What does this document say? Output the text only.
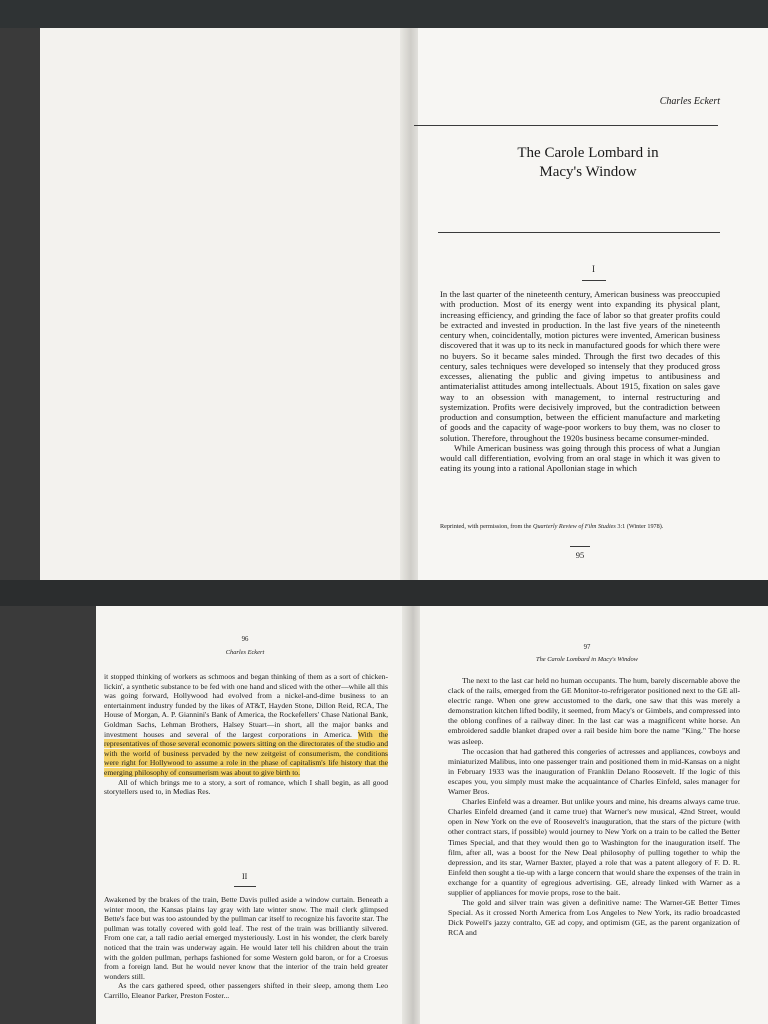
Charles Eckert
The Carole Lombard in
Macy's Window
I

In the last quarter of the nineteenth century, American business was preoccupied with production. Most of its energy went into expanding its physical plant, increasing efficiency, and grinding the face of labor so that greater profits could be extracted and invested in production. In the last five years of the nineteenth century when, coincidentally, motion pictures were invented, American business discovered that it was up to its neck in manufactured goods for which there were no buyers. So it became sales minded. Through the first two decades of this century, sales techniques were developed so intensely that they produced gross excesses, alienating the public and giving impetus to antibusiness and antimaterialist attitudes among intellectuals. About 1915, fixation on sales gave way to an obsession with management, to internal restructuring and systemization. Profits were decisively improved, but the contradiction between production and consumption, between the efficient manufacture and marketing of goods and the capacity of wage-poor workers to buy them, was no closer to solution. Therefore, throughout the 1920s business became consumer-minded.

While American business was going through this process of what a Jungian would call differentiation, evolving from an oral stage in which it was given to eating its young into a rational Apollonian stage in which

Reprinted, with permission, from the Quarterly Review of Film Studies 3:1 (Winter 1978).
95
96
Charles Eckert

it stopped thinking of workers as schmoos and began thinking of them as a sort of chicken-lickin', a synthetic substance to be fed with one hand and sliced with the other—while all this was going forward, Hollywood had evolved from a nickel-and-dime business to an entertainment industry funded by the likes of AT&T, Hayden Stone, Dillon Reid, RCA, The House of Morgan, A. P. Giannini's Bank of America, the Rockefellers' Chase National Bank, Goldman Sachs, Lehman Brothers, Halsey Stuart—in short, all the major banks and investment houses and several of the largest corporations in America. With the representatives of those several economic powers sitting on the directorates of the studio and with the world of business pervaded by the new zeitgeist of consumerism, the conditions were right for Hollywood to assume a role in the phase of capitalism's life history that the emerging philosophy of consumerism was about to give birth to.

All of which brings me to a story, a sort of romance, which I shall begin, as all good storytellers used to, in Medias Res.

II

Awakened by the brakes of the train, Bette Davis pulled aside a window curtain. Beneath a winter moon, the Kansas plains lay gray with late winter snow. The mail clerk glimpsed Bette's face but was too astounded by the pullman car itself to recognize his favorite star. The pullman was totally covered with gold leaf. The rest of the train was brilliantly silvered. From one car, a tall radio aerial emerged mysteriously. Lost in his wonder, the clerk barely noticed that the train was underway again. He would later tell his children about the train with the golden pullman, perhaps fashioned for some Western gold baron, or for a Croesus from a foreign land. But he would never know that the interior of the train held greater wonders still.

As the cars gathered speed, other passengers shifted in their sleep, among them Leo Carrillo, Eleanor Parker, Preston Foster...

97
The Carole Lombard in Macy's Window

The next to the last car held no human occupants. The hum, barely discernable above the clack of the rails, emerged from the GE Monitor-to-refrigerator positioned next to the GE all-electric range. When one grew accustomed to the dark, one saw that this was merely a demonstration kitchen lifted bodily, it seemed, from Macy's or Gimbels, and compressed into the oblong confines of a railway diner. In the last car was a magnificent white horse. An embroidered saddle blanket draped over a rail beside him bore the name "King." The horse was asleep.

The occasion that had gathered this congeries of actresses and appliances, cowboys and miniaturized Malibus, into one passenger train and positioned them in mid-Kansas on a night in February 1933 was the inauguration of Franklin Delano Roosevelt. If the logic of this escapes you, you simply must make the acquaintance of Charles Einfeld, sales manager for Warner Bros.

Charles Einfeld was a dreamer. But unlike yours and mine, his dreams always came true. Charles Einfeld dreamed (and it came true) that Warner's new musical, 42nd Street, would open in New York on the eve of Roosevelt's inauguration, that the stars of the picture (with other contract stars, if possible) would journey to New York on a train to be called the Better Times Special, and that they would then go to Washington for the inauguration itself. The film, after all, was a boost for the New Deal philosophy of pulling together to whip the depression, and its star, Warner Baxter, played a role that was a patent allegory of F. D. R. Einfeld then sought a tie-up with a large concern that would share the expenses of the train in exchange for a quantity of egregious advertising. GE, already linked with Warner as a supplier of appliances for movie props, rose to the bait.

The gold and silver train was given a definitive name: The Warner-GE Better Times Special. As it crossed North America from Los Angeles to New York, its radio broadcasted Dick Powell's jazzy contralto, GE ad copy, and optimism (GE, as the parent organization of RCA and
